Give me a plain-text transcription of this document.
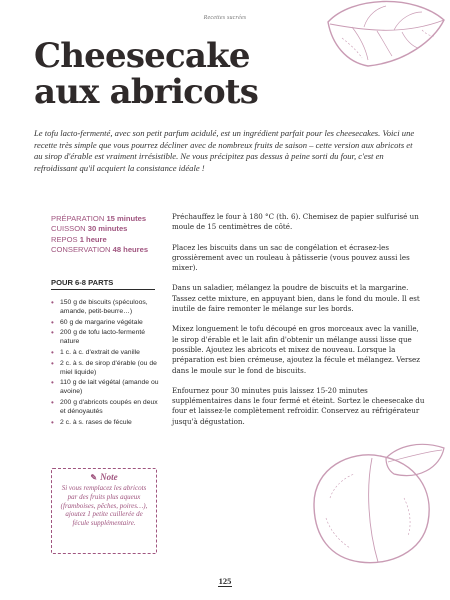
Recettes sucrées
Cheesecake
aux abricots

Le tofu lacto-fermenté, avec son petit parfum acidulé, est un ingrédient parfait pour les cheesecakes. Voici une recette très simple que vous pourrez décliner avec de nombreux fruits de saison – cette version aux abricots et au sirop d'érable est vraiment irrésistible. Ne vous précipitez pas dessus à peine sorti du four, c'est en refroidissant qu'il acquiert la consistance idéale !

PRÉPARATION 15 minutes
CUISSON 30 minutes
REPOS 1 heure
CONSERVATION 48 heures
POUR 6-8 PARTS
• 150 g de biscuits (spéculoos, amande, petit-beurre…)
• 60 g de margarine végétale
• 200 g de tofu lacto-fermenté nature
• 1 c. à c. d'extrait de vanille
• 2 c. à s. de sirop d'érable (ou de miel liquide)
• 110 g de lait végétal (amande ou avoine)
• 200 g d'abricots coupés en deux et dénoyautés
• 2 c. à s. rases de fécule
✎ Note

Si vous remplacez les abricots par des fruits plus aqueux (framboises, pêches, poires…), ajoutez 1 petite cuillerée de fécule supplémentaire.

Préchauffez le four à 180 °C (th. 6). Chemisez de papier sulfurisé un moule de 15 centimètres de côté.

Placez les biscuits dans un sac de congélation et écrasez-les grossièrement avec un rouleau à pâtisserie (vous pouvez aussi les mixer).

Dans un saladier, mélangez la poudre de biscuits et la margarine. Tassez cette mixture, en appuyant bien, dans le fond du moule. Il est inutile de faire remonter le mélange sur les bords.

Mixez longuement le tofu découpé en gros morceaux avec la vanille, le sirop d'érable et le lait afin d'obtenir un mélange aussi lisse que possible. Ajoutez les abricots et mixez de nouveau. Lorsque la préparation est bien crémeuse, ajoutez la fécule et mélangez. Versez dans le moule sur le fond de biscuits.

Enfournez pour 30 minutes puis laissez 15-20 minutes supplémentaires dans le four fermé et éteint. Sortez le cheesecake du four et laissez-le complètement refroidir. Conservez au réfrigérateur jusqu'à dégustation.

125
